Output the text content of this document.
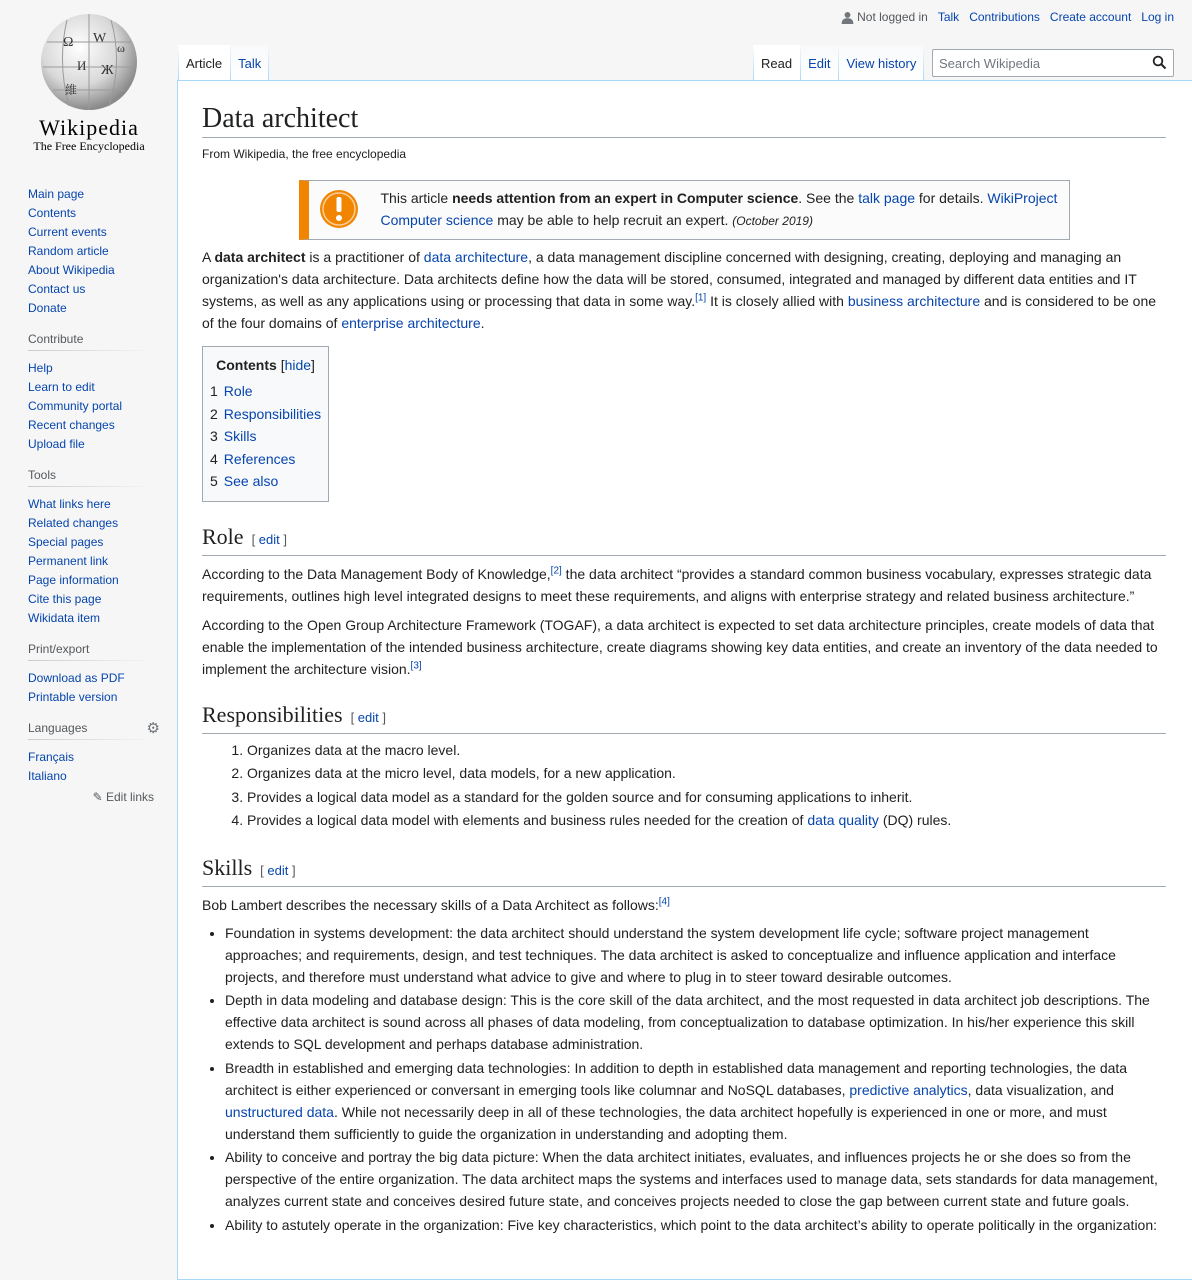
Ω W
И Ж
維
ω
Wikipedia
The Free Encyclopedia
Not logged in Talk Contributions Create account Log in
Article	Talk	Read	Edit	View history
Search Wikipedia
Main page
Contents
Current events
Random article
About Wikipedia
Contact us
Donate
Contribute
Help
Learn to edit
Community portal
Recent changes
Upload file
Tools
What links here
Related changes
Special pages
Permanent link
Page information
Cite this page
Wikidata item
Print/export
Download as PDF
Printable version
Languages	⚙
Français
Italiano
✎ Edit links
Data architect
From Wikipedia, the free encyclopedia
This article needs attention from an expert in Computer science. See the talk page for details. WikiProject Computer science may be able to help recruit an expert. (October 2019)

A data architect is a practitioner of data architecture, a data management discipline concerned with designing, creating, deploying and managing an organization's data architecture. Data architects define how the data will be stored, consumed, integrated and managed by different data entities and IT systems, as well as any applications using or processing that data in some way.[1] It is closely allied with business architecture and is considered to be one of the four domains of enterprise architecture.

Contents [hide]
1 Role
2 Responsibilities
3 Skills
4 References
5 See also
Role [ edit ]

According to the Data Management Body of Knowledge,[2] the data architect “provides a standard common business vocabulary, expresses strategic data requirements, outlines high level integrated designs to meet these requirements, and aligns with enterprise strategy and related business architecture.”

According to the Open Group Architecture Framework (TOGAF), a data architect is expected to set data architecture principles, create models of data that enable the implementation of the intended business architecture, create diagrams showing key data entities, and create an inventory of the data needed to implement the architecture vision.[3]

Responsibilities [ edit ]
1. Organizes data at the macro level.
2. Organizes data at the micro level, data models, for a new application.
3. Provides a logical data model as a standard for the golden source and for consuming applications to inherit.
4. Provides a logical data model with elements and business rules needed for the creation of data quality (DQ) rules.
Skills [ edit ]

Bob Lambert describes the necessary skills of a Data Architect as follows:[4]

• Foundation in systems development: the data architect should understand the system development life cycle; software project management approaches; and requirements, design, and test techniques. The data architect is asked to conceptualize and influence application and interface projects, and therefore must understand what advice to give and where to plug in to steer toward desirable outcomes.
• Depth in data modeling and database design: This is the core skill of the data architect, and the most requested in data architect job descriptions. The effective data architect is sound across all phases of data modeling, from conceptualization to database optimization. In his/her experience this skill extends to SQL development and perhaps database administration.
• Breadth in established and emerging data technologies: In addition to depth in established data management and reporting technologies, the data architect is either experienced or conversant in emerging tools like columnar and NoSQL databases, predictive analytics, data visualization, and unstructured data. While not necessarily deep in all of these technologies, the data architect hopefully is experienced in one or more, and must understand them sufficiently to guide the organization in understanding and adopting them.
• Ability to conceive and portray the big data picture: When the data architect initiates, evaluates, and influences projects he or she does so from the perspective of the entire organization. The data architect maps the systems and interfaces used to manage data, sets standards for data management, analyzes current state and conceives desired future state, and conceives projects needed to close the gap between current state and future goals.
• Ability to astutely operate in the organization: Five key characteristics, which point to the data architect’s ability to operate politically in the organization:
